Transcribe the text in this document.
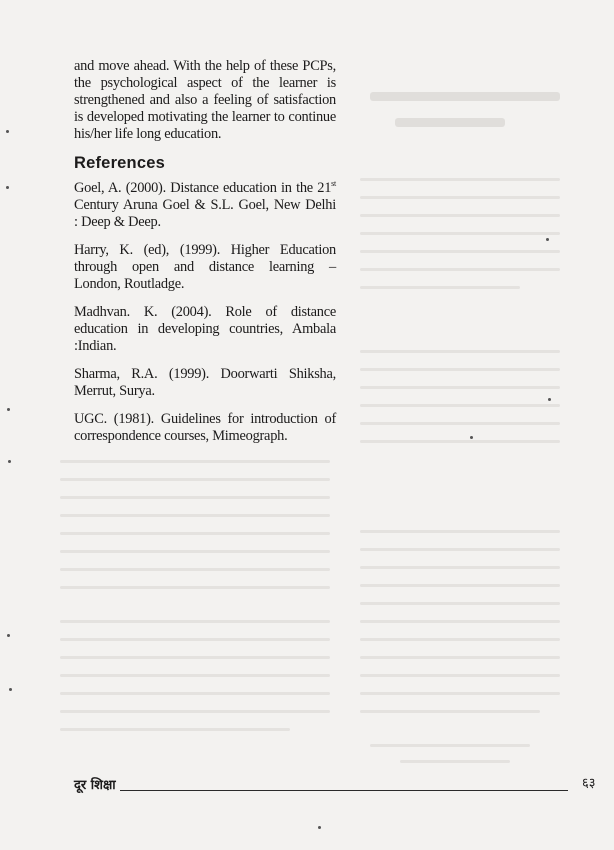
and move ahead. With the help of these PCPs,
the psychological aspect of the learner is
strengthened and also a feeling of satisfaction
is developed motivating the learner to continue
his/her life long education.

References

Goel, A. (2000). Distance education in the 21st
Century Aruna Goel & S.L. Goel, New Delhi
: Deep & Deep.

Harry, K. (ed), (1999). Higher Education
through open and distance learning –
London, Routladge.

Madhvan. K. (2004). Role of distance
education in developing countries, Ambala
:Indian.

Sharma, R.A. (1999). Doorwarti Shiksha,
Merrut, Surya.

UGC. (1981). Guidelines for introduction of
correspondence courses, Mimeograph.

दूर शिक्षा	६३
